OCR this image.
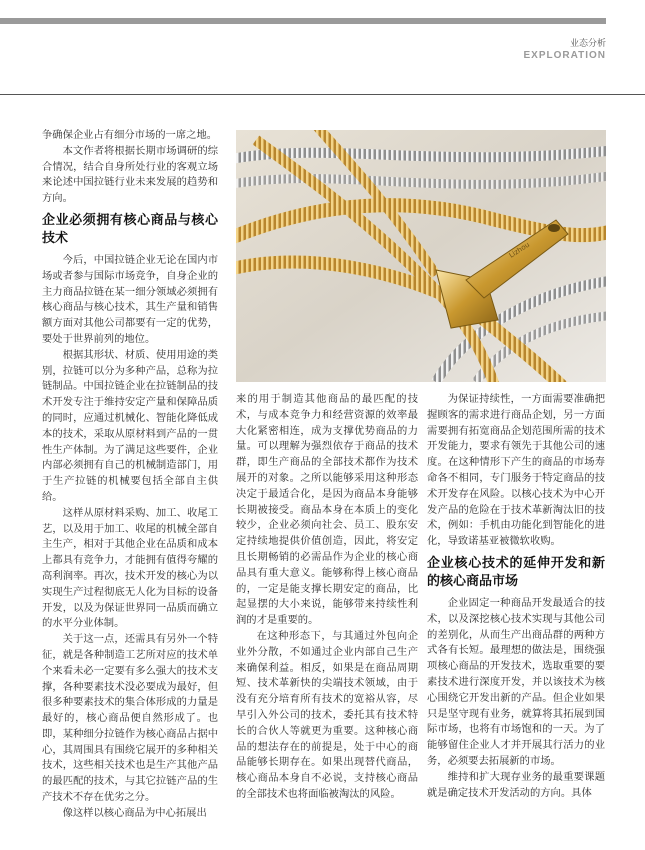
业态分析
EXPLORATION

争确保企业占有细分市场的一席之地。

本文作者将根据长期市场调研的综合情况，结合自身所处行业的客观立场来论述中国拉链行业未来发展的趋势和方向。

企业必须拥有核心商品与核心技术

今后，中国拉链企业无论在国内市场或者参与国际市场竞争，自身企业的主力商品拉链在某一细分领域必须拥有核心商品与核心技术，其生产量和销售额方面对其他公司都要有一定的优势，要处于世界前列的地位。

根据其形状、材质、使用用途的类别，拉链可以分为多种产品，总称为拉链制品。中国拉链企业在拉链制品的技术开发专注于维持安定产量和保障品质的同时，应通过机械化、智能化降低成本的技术，采取从原材料到产品的一贯性生产体制。为了满足这些要件，企业内部必须拥有自己的机械制造部门，用于生产拉链的机械要包括全部自主供给。

这样从原材料采购、加工、收尾工艺，以及用于加工、收尾的机械全部自主生产，相对于其他企业在品质和成本上都具有竞争力，才能拥有值得夸耀的高利润率。再次，技术开发的核心为以实现生产过程彻底无人化为目标的设备开发，以及为保证世界同一品质而确立的水平分业体制。

关于这一点，还需具有另外一个特征，就是各种制造工艺所对应的技术单个来看未必一定要有多么强大的技术支撑，各种要素技术没必要成为最好，但很多种要素技术的集合体形成的力量是最好的，核心商品便自然形成了。也即，某种细分拉链作为核心商品占据中心，其周围具有围绕它展开的多种相关技术，这些相关技术也是生产其他产品的最匹配的技术，与其它拉链产品的生产技术不存在优劣之分。

像这样以核心商品为中心拓展出

Lizhou

来的用于制造其他商品的最匹配的技术，与成本竞争力和经营资源的效率最大化紧密相连，成为支撑优势商品的力量。可以理解为强烈依存于商品的技术群，即生产商品的全部技术都作为技术展开的对象。之所以能够采用这种形态决定于最适合化，是因为商品本身能够长期被接受。商品本身在本质上的变化较少，企业必须向社会、员工、股东安定持续地提供价值创造，因此，将安定且长期畅销的必需品作为企业的核心商品具有重大意义。能够称得上核心商品的，一定是能支撑长期安定的商品，比起显摆的大小来说，能够带来持续性利润的才是重要的。

在这种形态下，与其通过外包向企业外分散，不如通过企业内部自己生产来确保利益。相反，如果是在商品周期短、技术革新快的尖端技术领域，由于没有充分培育所有技术的宽裕从容，尽早引入外公司的技术，委托其有技术特长的合伙人等就更为重要。这种核心商品的想法存在的前提是，处于中心的商品能够长期存在。如果出现替代商品，核心商品本身自不必说，支持核心商品的全部技术也将面临被淘汰的风险。

为保证持续性，一方面需要准确把握顾客的需求进行商品企划，另一方面需要拥有拓宽商品企划范围所需的技术开发能力，要求有领先于其他公司的速度。在这种情形下产生的商品的市场寿命各不相同，专门服务于特定商品的技术开发存在风险。以核心技术为中心开发产品的危险在于技术革新淘汰旧的技术，例如：手机由功能化到智能化的进化，导致诺基亚被微软收购。

企业核心技术的延伸开发和新的核心商品市场

企业固定一种商品开发最适合的技术，以及深挖核心技术实现与其他公司的差别化，从而生产出商品群的两种方式各有长短。最理想的做法是，围绕强项核心商品的开发技术，选取重要的要素技术进行深度开发，并以该技术为核心围绕它开发出新的产品。但企业如果只是坚守现有业务，就算将其拓展到国际市场，也将有市场饱和的一天。为了能够留住企业人才并开展其行活力的业务，必须要去拓展新的市场。

维持和扩大现存业务的最重要课题就是确定技术开发活动的方向。具体
